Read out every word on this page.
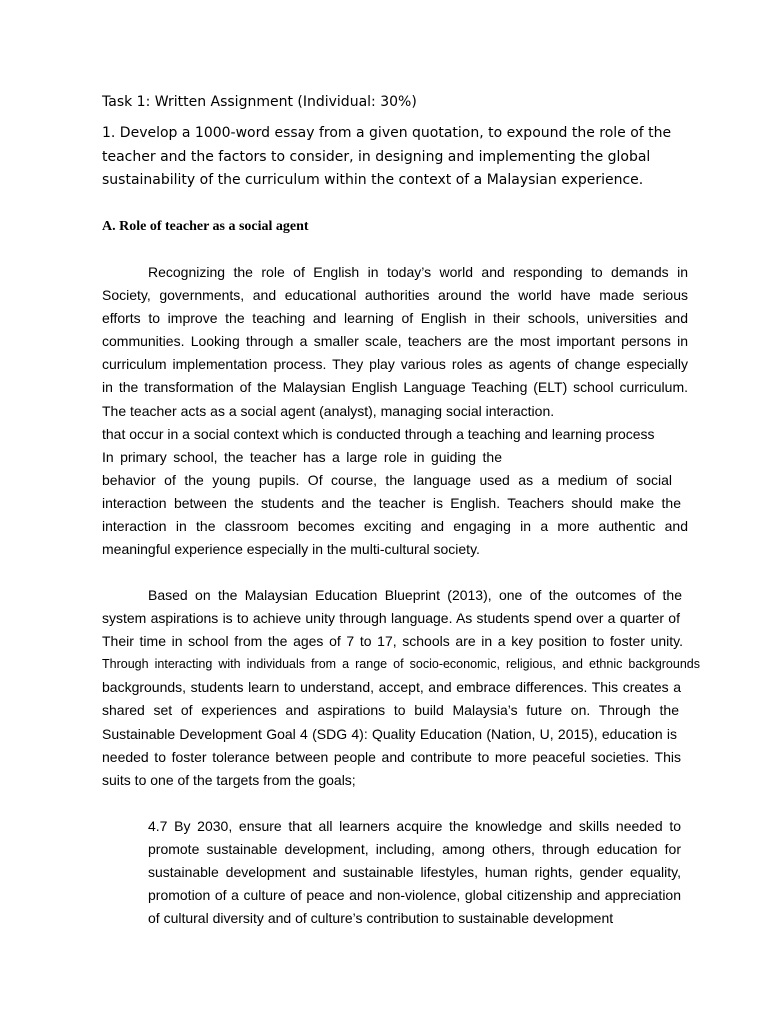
Task 1: Written Assignment (Individual: 30%)
1. Develop a 1000-word essay from a given quotation, to expound the role of the
teacher and the factors to consider, in designing and implementing the global
sustainability of the curriculum within the context of a Malaysian experience.
A. Role of teacher as a social agent
Recognizing the role of English in today’s world and responding to demands in
Society, governments, and educational authorities around the world have made serious
efforts to improve the teaching and learning of English in their schools, universities and
communities. Looking through a smaller scale, teachers are the most important persons in
curriculum implementation process. They play various roles as agents of change especially
in the transformation of the Malaysian English Language Teaching (ELT) school curriculum.
The teacher acts as a social agent (analyst), managing social interaction.
that occur in a social context which is conducted through a teaching and learning process
In primary school, the teacher has a large role in guiding the
behavior of the young pupils. Of course, the language used as a medium of social
interaction between the students and the teacher is English. Teachers should make the
interaction in the classroom becomes exciting and engaging in a more authentic and
meaningful experience especially in the multi-cultural society.
Based on the Malaysian Education Blueprint (2013), one of the outcomes of the
system aspirations is to achieve unity through language. As students spend over a quarter of
Their time in school from the ages of 7 to 17, schools are in a key position to foster unity.
Through interacting with individuals from a range of socio-economic, religious, and ethnic backgrounds
backgrounds, students learn to understand, accept, and embrace differences. This creates a
shared set of experiences and aspirations to build Malaysia’s future on. Through the
Sustainable Development Goal 4 (SDG 4): Quality Education (Nation, U, 2015), education is
needed to foster tolerance between people and contribute to more peaceful societies. This
suits to one of the targets from the goals;
4.7 By 2030, ensure that all learners acquire the knowledge and skills needed to
promote sustainable development, including, among others, through education for
sustainable development and sustainable lifestyles, human rights, gender equality,
promotion of a culture of peace and non-violence, global citizenship and appreciation
of cultural diversity and of culture’s contribution to sustainable development
